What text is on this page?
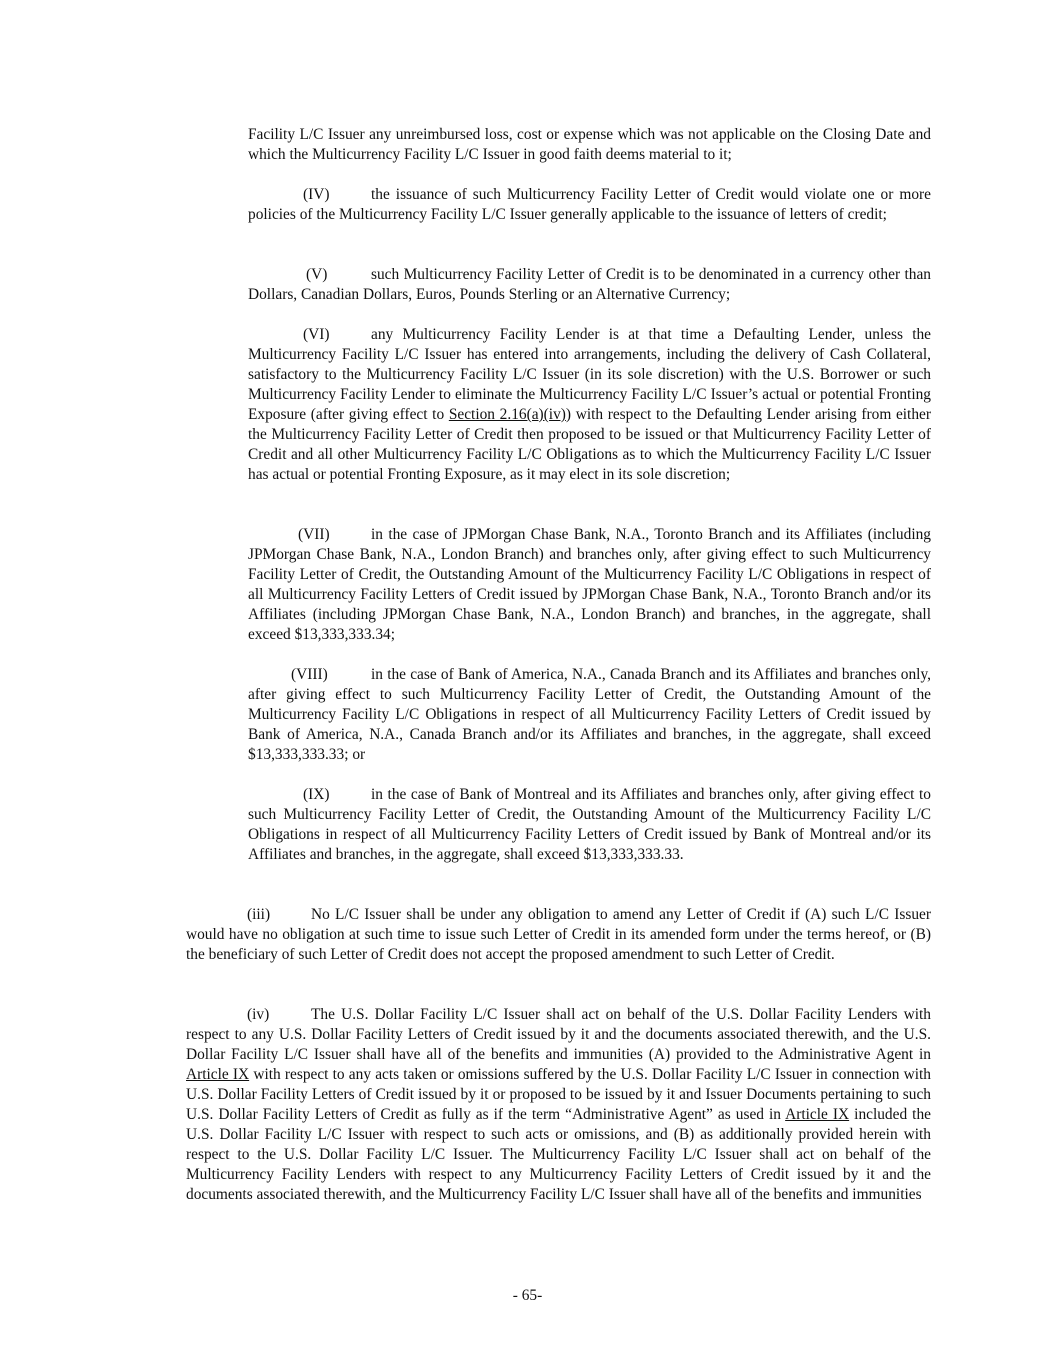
Facility L/C Issuer any unreimbursed loss, cost or expense which was not applicable on the Closing Date and which the Multicurrency Facility L/C Issuer in good faith deems material to it;

(IV)	the issuance of such Multicurrency Facility Letter of Credit would violate one or more policies of the Multicurrency Facility L/C Issuer generally applicable to the issuance of letters of credit;

(V)	such Multicurrency Facility Letter of Credit is to be denominated in a currency other than Dollars, Canadian Dollars, Euros, Pounds Sterling or an Alternative Currency;

(VI)	any Multicurrency Facility Lender is at that time a Defaulting Lender, unless the Multicurrency Facility L/C Issuer has entered into arrangements, including the delivery of Cash Collateral, satisfactory to the Multicurrency Facility L/C Issuer (in its sole discretion) with the U.S. Borrower or such Multicurrency Facility Lender to eliminate the Multicurrency Facility L/C Issuer’s actual or potential Fronting Exposure (after giving effect to Section 2.16(a)(iv)) with respect to the Defaulting Lender arising from either the Multicurrency Facility Letter of Credit then proposed to be issued or that Multicurrency Facility Letter of Credit and all other Multicurrency Facility L/C Obligations as to which the Multicurrency Facility L/C Issuer has actual or potential Fronting Exposure, as it may elect in its sole discretion;

(VII)	in the case of JPMorgan Chase Bank, N.A., Toronto Branch and its Affiliates (including JPMorgan Chase Bank, N.A., London Branch) and branches only, after giving effect to such Multicurrency Facility Letter of Credit, the Outstanding Amount of the Multicurrency Facility L/C Obligations in respect of all Multicurrency Facility Letters of Credit issued by JPMorgan Chase Bank, N.A., Toronto Branch and/or its Affiliates (including JPMorgan Chase Bank, N.A., London Branch) and branches, in the aggregate, shall exceed $13,333,333.34;

(VIII)	in the case of Bank of America, N.A., Canada Branch and its Affiliates and branches only, after giving effect to such Multicurrency Facility Letter of Credit, the Outstanding Amount of the Multicurrency Facility L/C Obligations in respect of all Multicurrency Facility Letters of Credit issued by Bank of America, N.A., Canada Branch and/or its Affiliates and branches, in the aggregate, shall exceed $13,333,333.33; or

(IX)	in the case of Bank of Montreal and its Affiliates and branches only, after giving effect to such Multicurrency Facility Letter of Credit, the Outstanding Amount of the Multicurrency Facility L/C Obligations in respect of all Multicurrency Facility Letters of Credit issued by Bank of Montreal and/or its Affiliates and branches, in the aggregate, shall exceed $13,333,333.33.

(iii)	No L/C Issuer shall be under any obligation to amend any Letter of Credit if (A) such L/C Issuer would have no obligation at such time to issue such Letter of Credit in its amended form under the terms hereof, or (B) the beneficiary of such Letter of Credit does not accept the proposed amendment to such Letter of Credit.

(iv)	The U.S. Dollar Facility L/C Issuer shall act on behalf of the U.S. Dollar Facility Lenders with respect to any U.S. Dollar Facility Letters of Credit issued by it and the documents associated therewith, and the U.S. Dollar Facility L/C Issuer shall have all of the benefits and immunities (A) provided to the Administrative Agent in Article IX with respect to any acts taken or omissions suffered by the U.S. Dollar Facility L/C Issuer in connection with U.S. Dollar Facility Letters of Credit issued by it or proposed to be issued by it and Issuer Documents pertaining to such U.S. Dollar Facility Letters of Credit as fully as if the term “Administrative Agent” as used in Article IX included the U.S. Dollar Facility L/C Issuer with respect to such acts or omissions, and (B) as additionally provided herein with respect to the U.S. Dollar Facility L/C Issuer. The Multicurrency Facility L/C Issuer shall act on behalf of the Multicurrency Facility Lenders with respect to any Multicurrency Facility Letters of Credit issued by it and the documents associated therewith, and the Multicurrency Facility L/C Issuer shall have all of the benefits and immunities

- 65-
